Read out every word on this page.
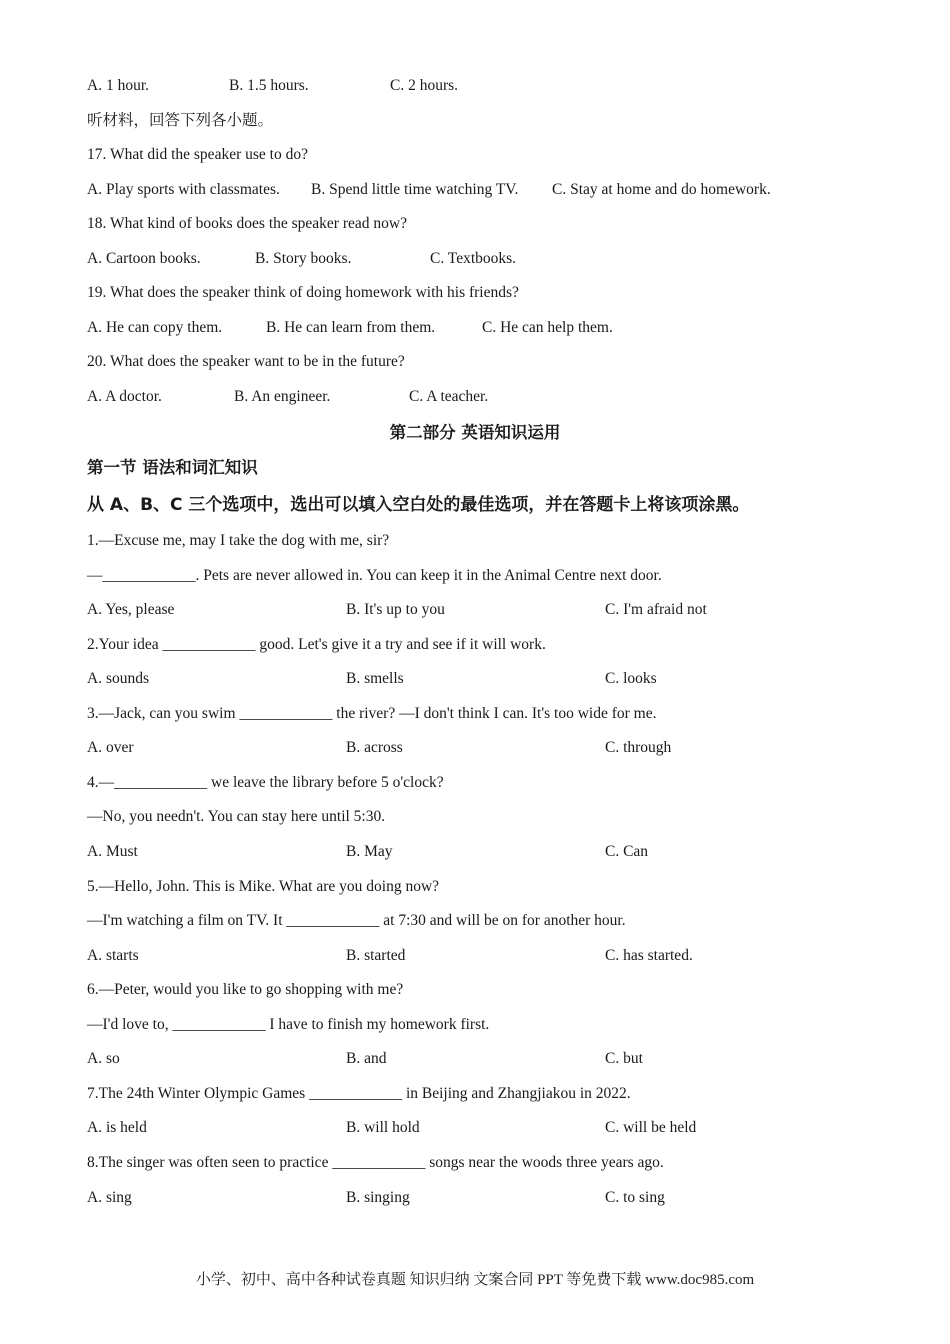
A. 1 hour.	B. 1.5 hours.	C. 2 hours.
听材料，回答下列各小题。
17. What did the speaker use to do?
A. Play sports with classmates. B. Spend little time watching TV. C. Stay at home and do homework.
18. What kind of books does the speaker read now?
A. Cartoon books.	B. Story books.	C. Textbooks.
19. What does the speaker think of doing homework with his friends?
A. He can copy them.	B. He can learn from them.	C. He can help them.
20. What does the speaker want to be in the future?
A. A doctor.	B. An engineer.	C. A teacher.
第二部分 英语知识运用
第一节 语法和词汇知识
从 A、B、C 三个选项中，选出可以填入空白处的最佳选项，并在答题卡上将该项涂黑。
1.—Excuse me, may I take the dog with me, sir?
—____________. Pets are never allowed in. You can keep it in the Animal Centre next door.
A. Yes, please	B. It's up to you	C. I'm afraid not
2.Your idea ____________ good. Let's give it a try and see if it will work.
A. sounds	B. smells	C. looks
3.—Jack, can you swim ____________ the river? —I don't think I can. It's too wide for me.
A. over	B. across	C. through
4.—____________ we leave the library before 5 o'clock?
—No, you needn't. You can stay here until 5:30.
A. Must	B. May	C. Can
5.—Hello, John. This is Mike. What are you doing now?
—I'm watching a film on TV. It ____________ at 7:30 and will be on for another hour.
A. starts	B. started	C. has started.
6.—Peter, would you like to go shopping with me?
—I'd love to, ____________ I have to finish my homework first.
A. so	B. and	C. but
7.The 24th Winter Olympic Games ____________ in Beijing and Zhangjiakou in 2022.
A. is held	B. will hold	C. will be held
8.The singer was often seen to practice ____________ songs near the woods three years ago.
A. sing	B. singing	C. to sing
小学、初中、高中各种试卷真题 知识归纳 文案合同 PPT 等免费下载 www.doc985.com
